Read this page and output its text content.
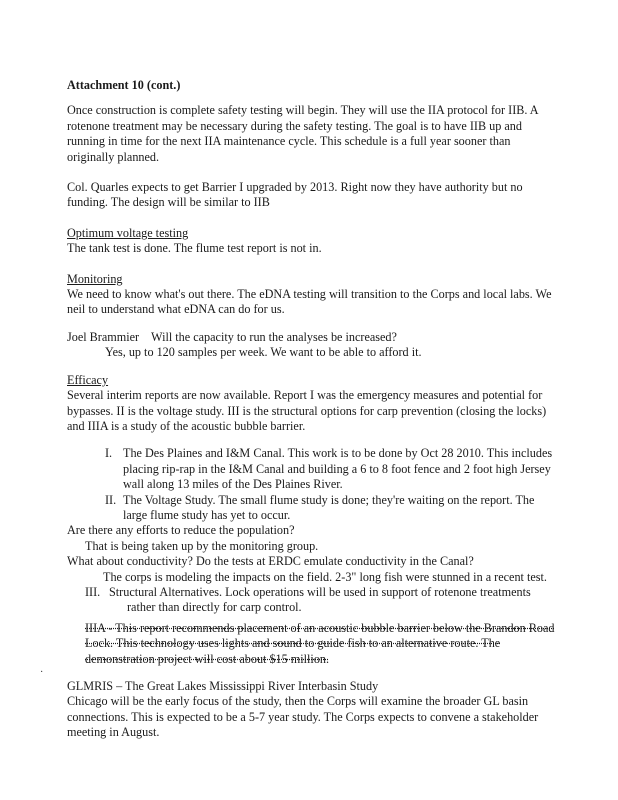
·

Attachment 10 (cont.)

Once construction is complete safety testing will begin. They will use the IIA protocol for IIB. A rotenone treatment may be necessary during the safety testing. The goal is to have IIB up and running in time for the next IIA maintenance cycle. This schedule is a full year sooner than originally planned.

Col. Quarles expects to get Barrier I upgraded by 2013. Right now they have authority but no funding. The design will be similar to IIB

Optimum voltage testing

The tank test is done. The flume test report is not in.

Monitoring

We need to know what's out there. The eDNA testing will transition to the Corps and local labs. We neil to understand what eDNA can do for us.

Joel Brammier    Will the capacity to run the analyses be increased?

Yes, up to 120 samples per week. We want to be able to afford it.

Efficacy

Several interim reports are now available. Report I was the emergency measures and potential for bypasses. II is the voltage study. III is the structural options for carp prevention (closing the locks) and IIIA is a study of the acoustic bubble barrier.

I. The Des Plaines and I&M Canal. This work is to be done by Oct 28 2010. This includes placing rip-rap in the I&M Canal and building a 6 to 8 foot fence and 2 foot high Jersey wall along 13 miles of the Des Plaines River.

II. The Voltage Study. The small flume study is done; they're waiting on the report. The large flume study has yet to occur.

Are there any efforts to reduce the population?

That is being taken up by the monitoring group.

What about conductivity? Do the tests at ERDC emulate conductivity in the Canal?

The corps is modeling the impacts on the field. 2-3" long fish were stunned in a recent test.

III. Structural Alternatives. Lock operations will be used in support of rotenone treatments rather than directly for carp control.

IIIA - This report recommends placement of an acoustic bubble barrier below the Brandon Road Lock. This technology uses lights and sound to guide fish to an alternative route. The demonstration project will cost about $15 million.

GLMRIS – The Great Lakes Mississippi River Interbasin Study

Chicago will be the early focus of the study, then the Corps will examine the broader GL basin connections. This is expected to be a 5-7 year study. The Corps expects to convene a stakeholder meeting in August.
